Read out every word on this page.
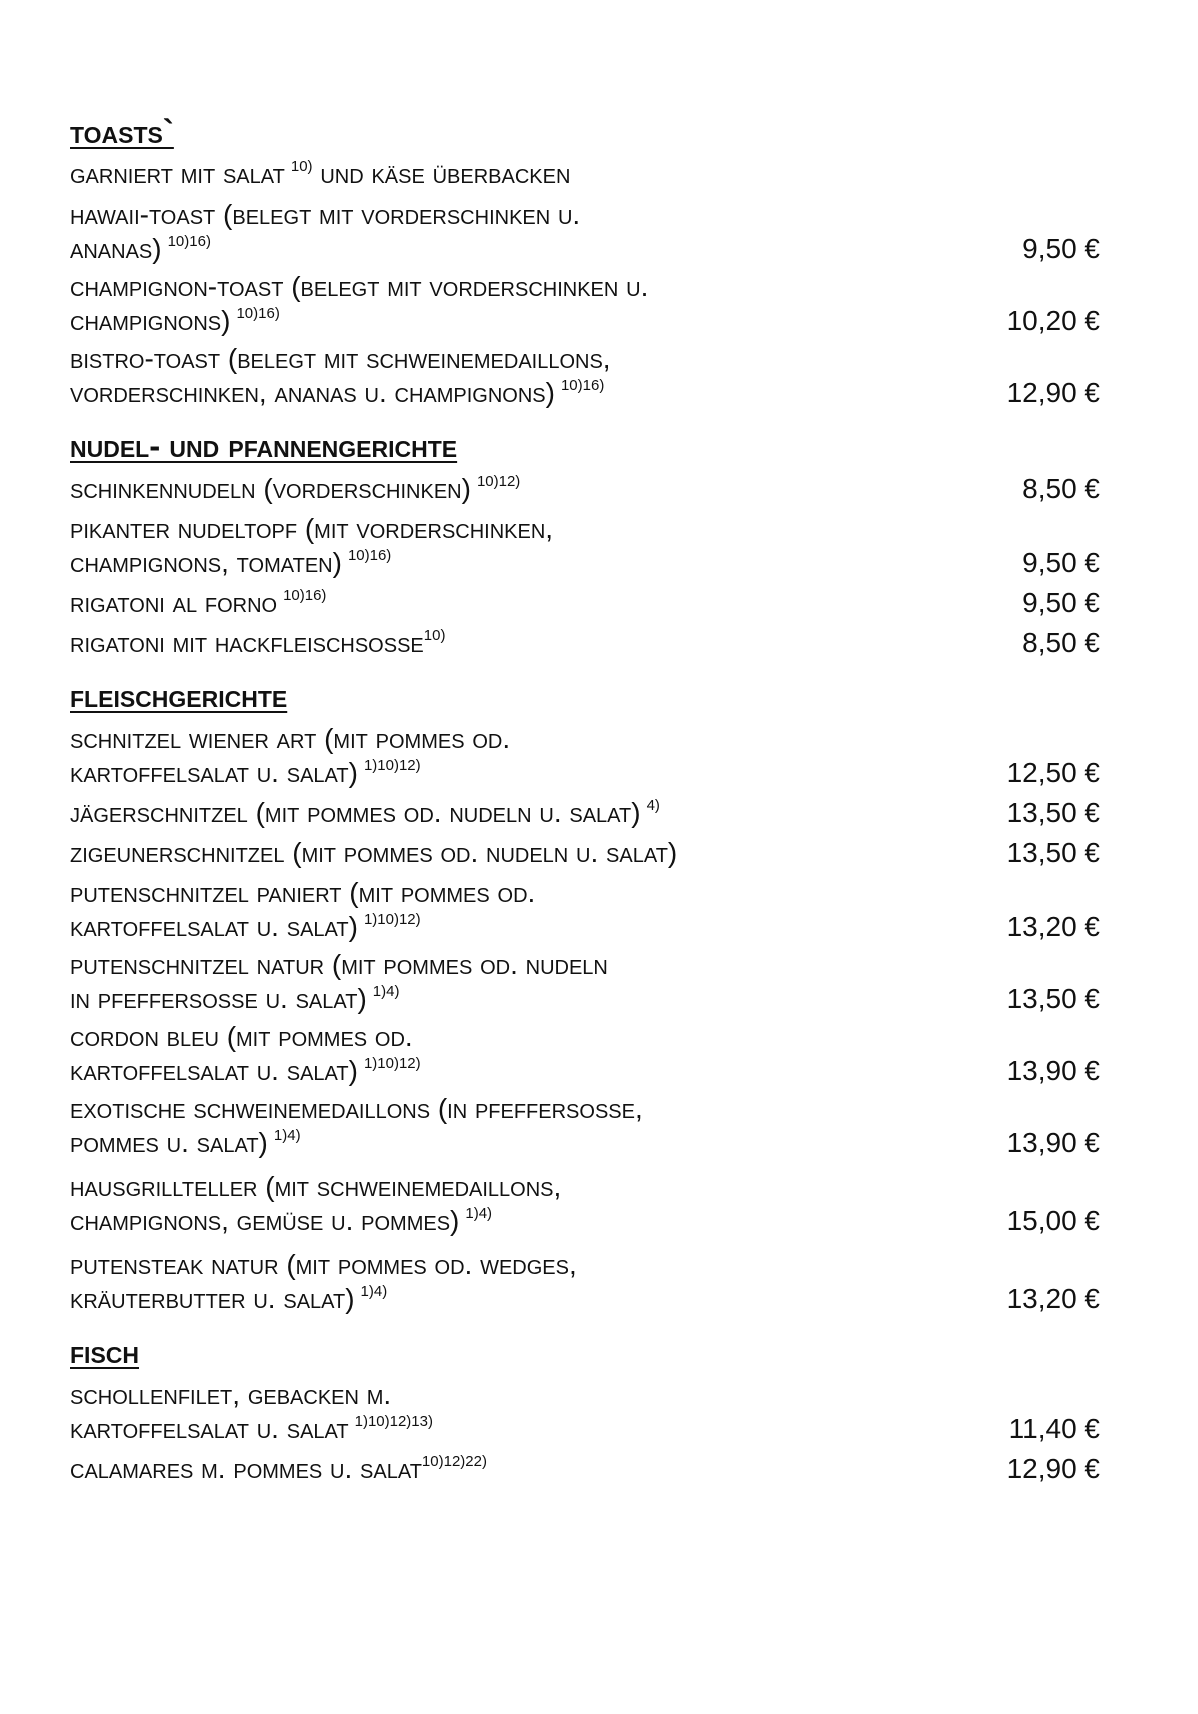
toasts`
garniert mit salat $^{10)}$ und käse überbacken
hawaii-toast (belegt mit vorderschinken u.
ananas) $^{10)16)}$	9,50 €
champignon-toast (belegt mit vorderschinken u.
champignons) $^{10)16)}$	10,20 €
bistro-toast (belegt mit schweinemedaillons,
vorderschinken, ananas u. champignons) $^{10)16)}$	12,90 €
nudel- und pfannengerichte
schinkennudeln (vorderschinken) $^{10)12)}$	8,50 €
pikanter nudeltopf (mit vorderschinken,
champignons, tomaten) $^{10)16)}$	9,50 €
rigatoni al forno $^{10)16)}$	9,50 €
rigatoni mit hackfleischsosse$^{10)}$	8,50 €
fleischgerichte
schnitzel wiener art (mit pommes od.
kartoffelsalat u. salat) $^{1)10)12)}$	12,50 €
jägerschnitzel (mit pommes od. nudeln u. salat) $^{4)}$	13,50 €
zigeunerschnitzel (mit pommes od. nudeln u. salat)	13,50 €
putenschnitzel paniert (mit pommes od.
kartoffelsalat u. salat) $^{1)10)12)}$	13,20 €
putenschnitzel natur (mit pommes od. nudeln
in pfeffersosse u. salat) $^{1)4)}$	13,50 €
cordon bleu (mit pommes od.
kartoffelsalat u. salat) $^{1)10)12)}$	13,90 €
exotische schweinemedaillons (in pfeffersosse,
pommes u. salat) $^{1)4)}$	13,90 €
hausgrillteller (mit schweinemedaillons,
champignons, gemüse u. pommes) $^{1)4)}$	15,00 €
putensteak natur (mit pommes od. wedges,
kräuterbutter u. salat) $^{1)4)}$	13,20 €
fisch
schollenfilet, gebacken m.
kartoffelsalat u. salat $^{1)10)12)13)}$	11,40 €
calamares m. pommes u. salat$^{10)12)22)}$	12,90 €
